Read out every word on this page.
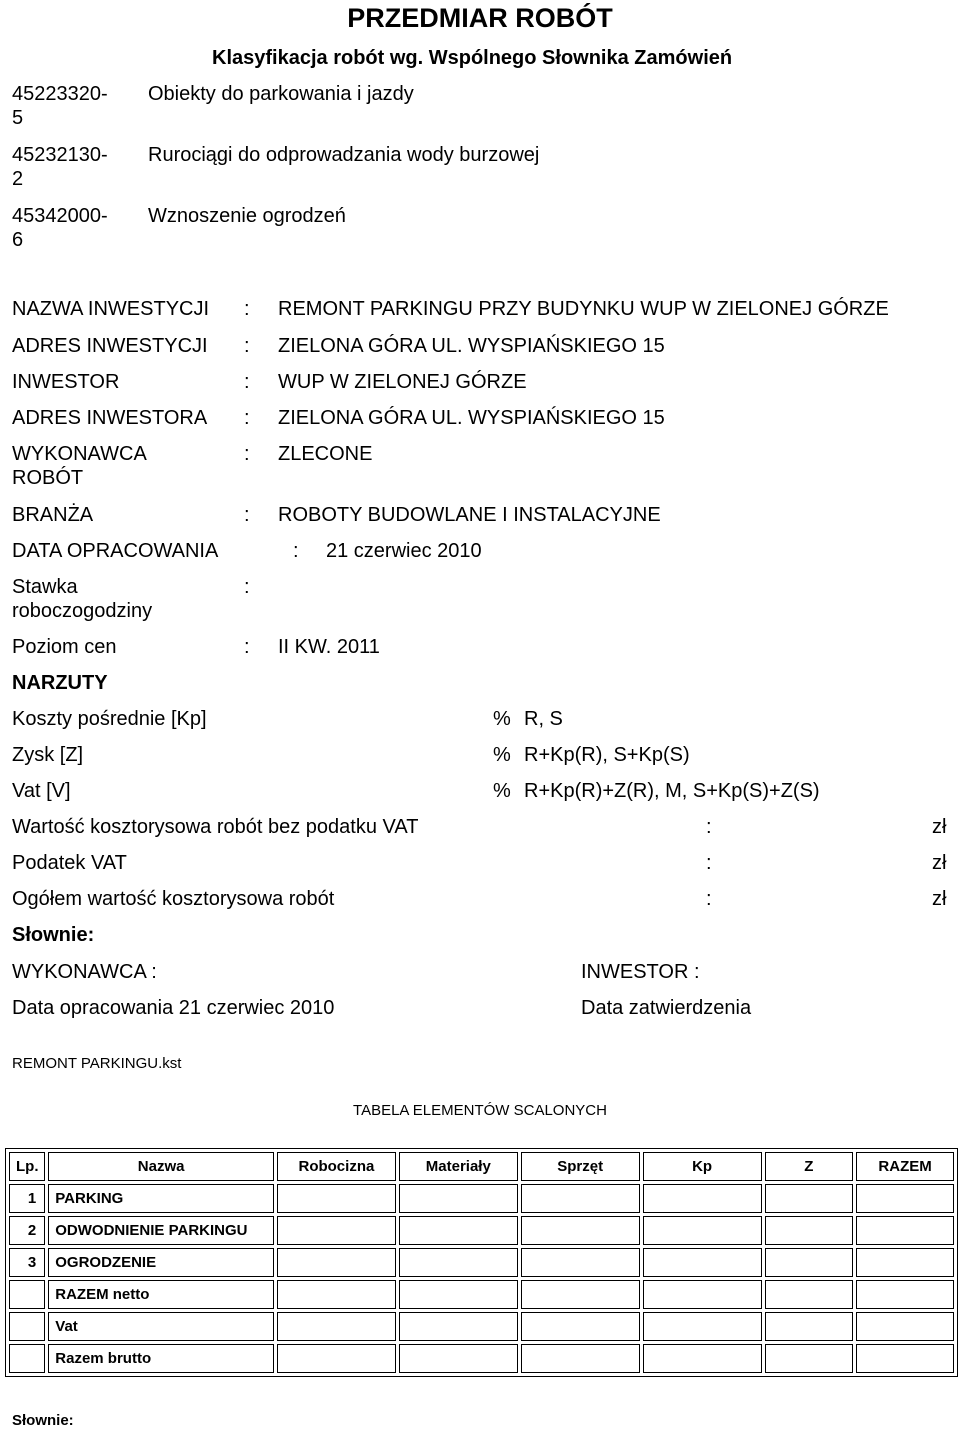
PRZEDMIAR ROBÓT
Klasyfikacja robót wg. Wspólnego Słownika Zamówień
45223320-
5
Obiekty do parkowania i jazdy
45232130-
2
Rurociągi do odprowadzania wody burzowej
45342000-
6
Wznoszenie ogrodzeń
NAZWA INWESTYCJI : REMONT PARKINGU PRZY BUDYNKU WUP W ZIELONEJ GÓRZE
ADRES INWESTYCJI : ZIELONA GÓRA UL. WYSPIAŃSKIEGO 15
INWESTOR	: WUP W ZIELONEJ GÓRZE
ADRES INWESTORA : ZIELONA GÓRA UL. WYSPIAŃSKIEGO 15
WYKONAWCA
ROBÓT
: ZLECONE
BRANŻA	: ROBOTY BUDOWLANE I INSTALACYJNE
DATA OPRACOWANIA	: 21 czerwiec 2010
Stawka
roboczogodziny
:
Poziom cen	: II KW. 2011
NARZUTY
Koszty pośrednie [Kp]	% R, S
Zysk [Z]	% R+Kp(R), S+Kp(S)
Vat [V]	% R+Kp(R)+Z(R), M, S+Kp(S)+Z(S)
Wartość kosztorysowa robót bez podatku VAT	:	zł
Podatek VAT	:	zł
Ogółem wartość kosztorysowa robót	:	zł
Słownie:
WYKONAWCA :	INWESTOR :
Data opracowania 21 czerwiec 2010	Data zatwierdzenia
REMONT PARKINGU.kst
TABELA ELEMENTÓW SCALONYCH
Lp.	Nazwa	Robocizna	Materiały	Sprzęt	Kp	Z	RAZEM
1	PARKING						
2	ODWODNIENIE PARKINGU						
3	OGRODZENIE						
	RAZEM netto						
	Vat						
	Razem brutto						
Słownie:
